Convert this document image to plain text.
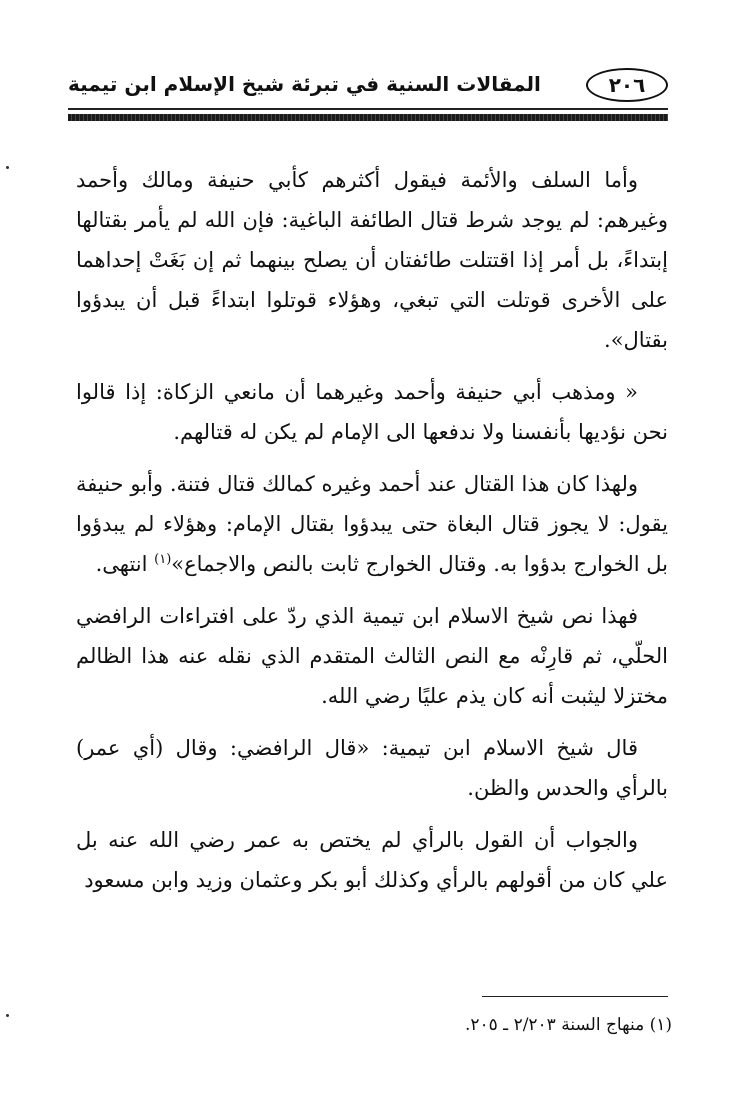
٢٠٦
المقالات السنية في تبرئة شيخ الإسلام ابن تيمية

وأما السلف والأئمة فيقول أكثرهم كأبي حنيفة ومالك وأحمد وغيرهم: لم يوجد شرط قتال الطائفة الباغية: فإن الله لم يأمر بقتالها إبتداءً، بل أمر إذا اقتتلت طائفتان أن يصلح بينهما ثم إن بَغَتْ إحداهما على الأخرى قوتلت التي تبغي، وهؤلاء قوتلوا ابتداءً قبل أن يبدؤوا بقتال».

« ومذهب أبي حنيفة وأحمد وغيرهما أن مانعي الزكاة: إذا قالوا نحن نؤديها بأنفسنا ولا ندفعها الى الإمام لم يكن له قتالهم.

ولهذا كان هذا القتال عند أحمد وغيره كمالك قتال فتنة. وأبو حنيفة يقول: لا يجوز قتال البغاة حتى يبدؤوا بقتال الإمام: وهؤلاء لم يبدؤوا بل الخوارج بدؤوا به. وقتال الخوارج ثابت بالنص والاجماع»$^{(١)}$ انتهى.

فهذا نص شيخ الاسلام ابن تيمية الذي ردّ على افتراءات الرافضي الحلّي، ثم قارِنْه مع النص الثالث المتقدم الذي نقله عنه هذا الظالم مختزلا ليثبت أنه كان يذم عليًا رضي الله.

قال شيخ الاسلام ابن تيمية: «قال الرافضي: وقال (أي عمر) بالرأي والحدس والظن.

والجواب أن القول بالرأي لم يختص به عمر رضي الله عنه بل علي كان من أقولهم بالرأي وكذلك أبو بكر وعثمان وزيد وابن مسعود

(١) منهاج السنة ٢/٢٠٣ ـ ٢٠٥.
